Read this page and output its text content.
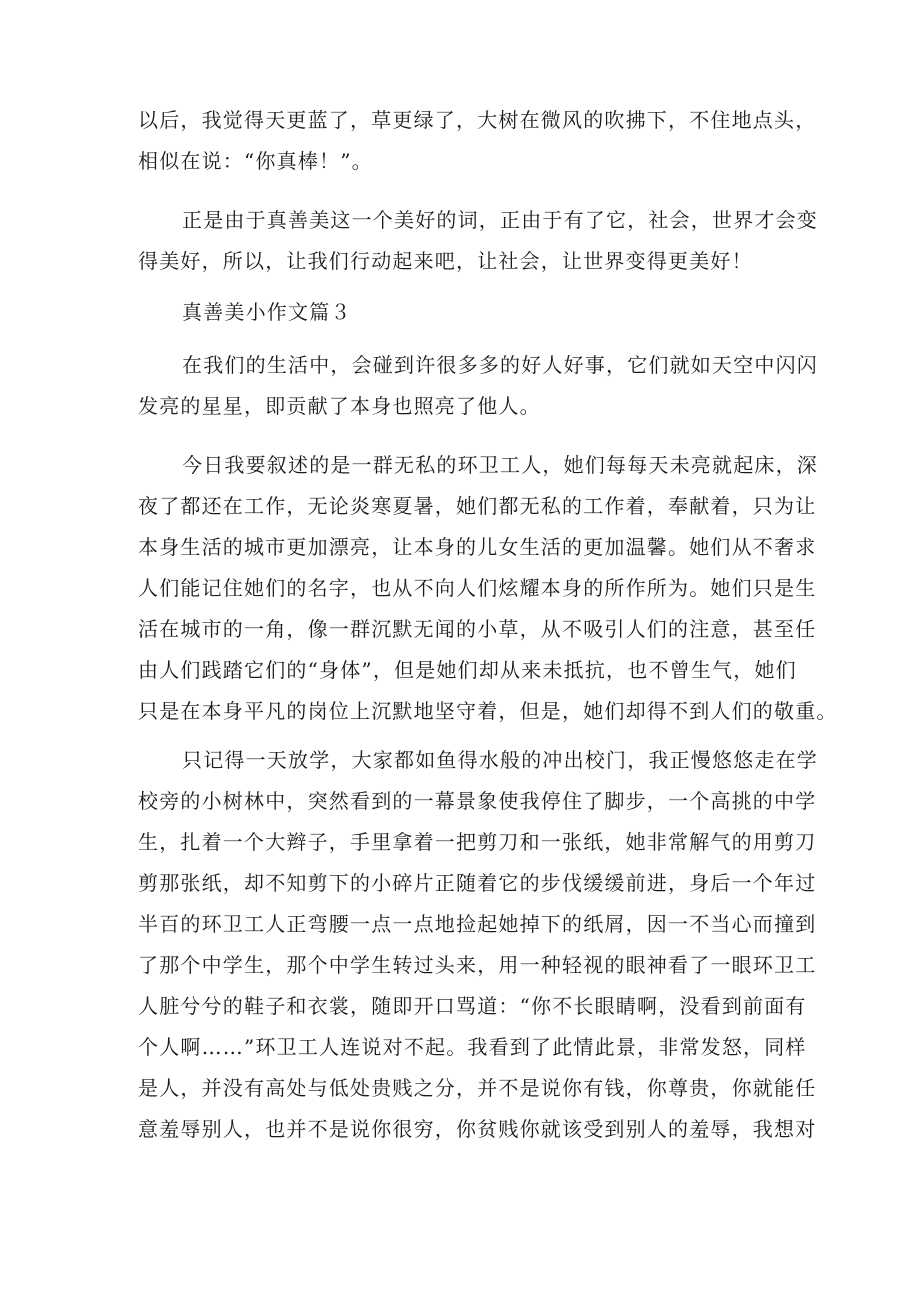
以后，我觉得天更蓝了，草更绿了，大树在微风的吹拂下，不住地点头，
相似在说：“你真棒！”。

正是由于真善美这一个美好的词，正由于有了它，社会，世界才会变
得美好，所以，让我们行动起来吧，让社会，让世界变得更美好！

真善美小作文篇３

在我们的生活中，会碰到许很多多的好人好事，它们就如天空中闪闪
发亮的星星，即贡献了本身也照亮了他人。

今日我要叙述的是一群无私的环卫工人，她们每每天未亮就起床，深
夜了都还在工作，无论炎寒夏暑，她们都无私的工作着，奉献着，只为让
本身生活的城市更加漂亮，让本身的儿女生活的更加温馨。她们从不奢求
人们能记住她们的名字，也从不向人们炫耀本身的所作所为。她们只是生
活在城市的一角，像一群沉默无闻的小草，从不吸引人们的注意，甚至任
由人们践踏它们的“身体”，但是她们却从来未抵抗，也不曾生气，她们
只是在本身平凡的岗位上沉默地坚守着，但是，她们却得不到人们的敬重。

只记得一天放学，大家都如鱼得水般的冲出校门，我正慢悠悠走在学
校旁的小树林中，突然看到的一幕景象使我停住了脚步，一个高挑的中学
生，扎着一个大辫子，手里拿着一把剪刀和一张纸，她非常解气的用剪刀
剪那张纸，却不知剪下的小碎片正随着它的步伐缓缓前进，身后一个年过
半百的环卫工人正弯腰一点一点地捡起她掉下的纸屑，因一不当心而撞到
了那个中学生，那个中学生转过头来，用一种轻视的眼神看了一眼环卫工
人脏兮兮的鞋子和衣裳，随即开口骂道：“你不长眼睛啊，没看到前面有
个人啊……”环卫工人连说对不起。我看到了此情此景，非常发怒，同样
是人，并没有高处与低处贵贱之分，并不是说你有钱，你尊贵，你就能任
意羞辱别人，也并不是说你很穷，你贫贱你就该受到别人的羞辱，我想对
